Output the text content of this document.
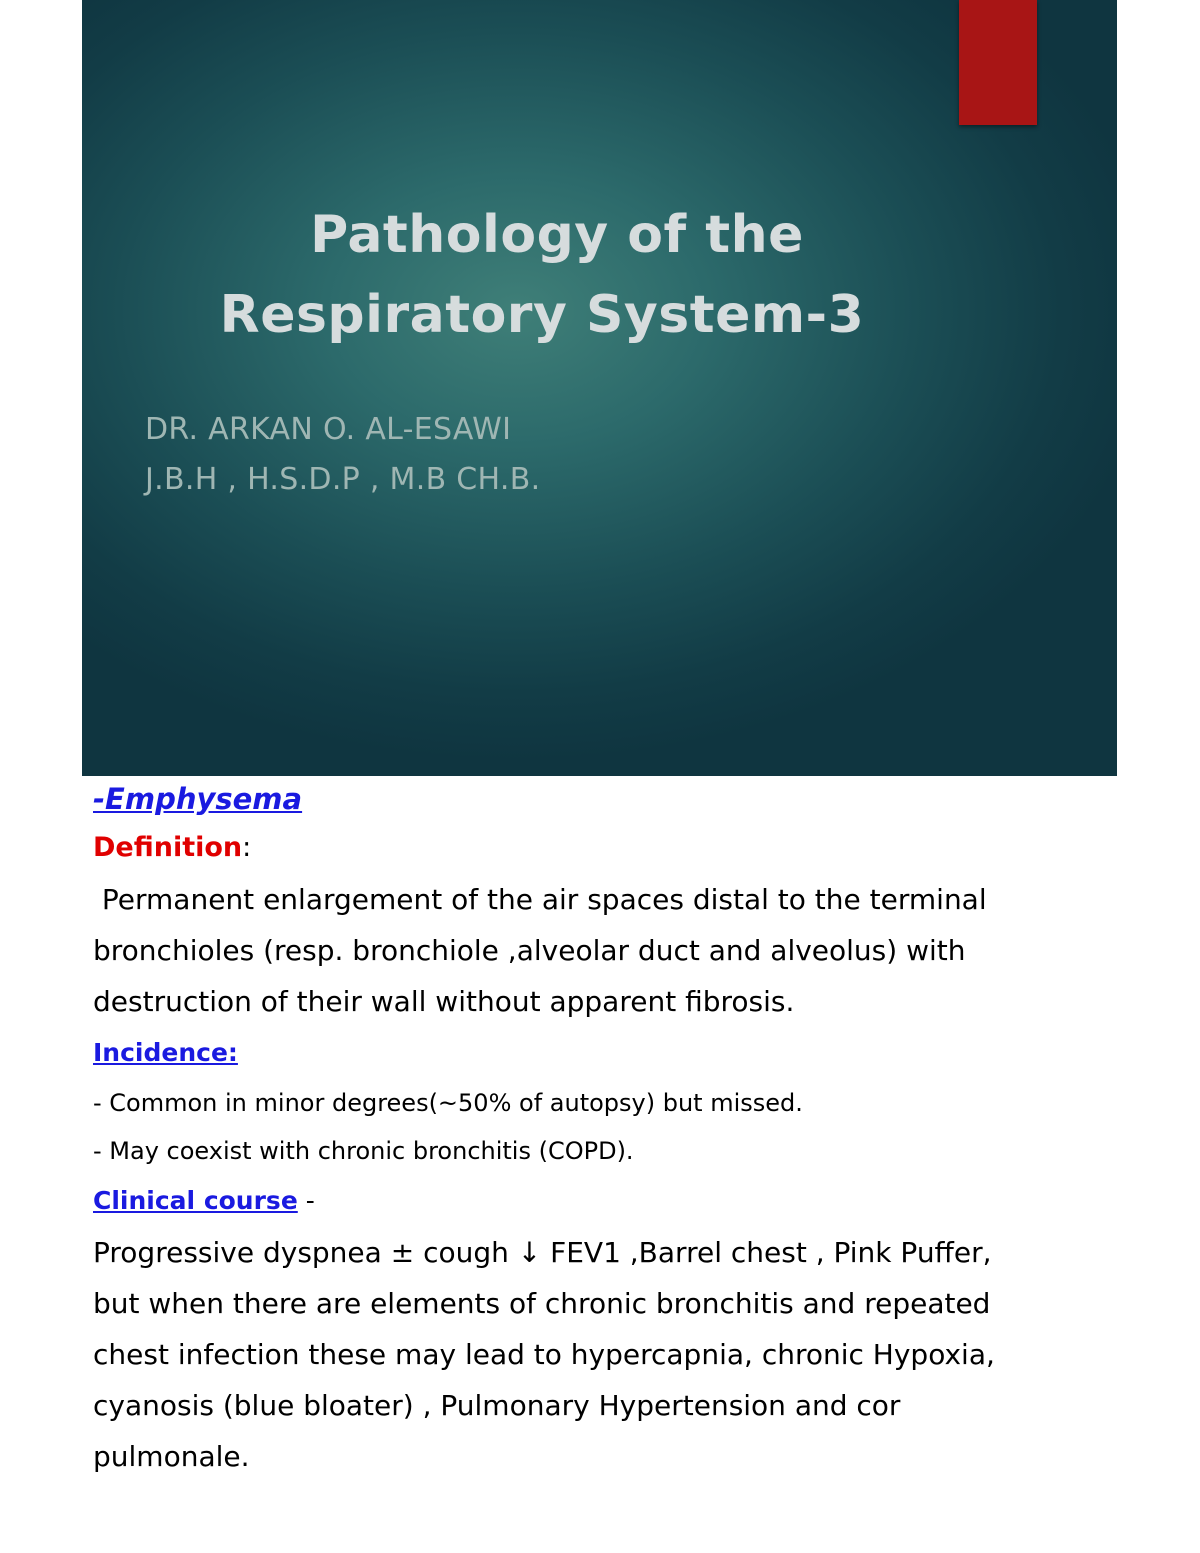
Pathology of the
Respiratory System-3
DR. ARKAN O. AL-ESAWI
J.B.H , H.S.D.P , M.B CH.B.
-Emphysema
Definition:

Permanent enlargement of the air spaces distal to the terminal
bronchioles (resp. bronchiole ,alveolar duct and alveolus) with
destruction of their wall without apparent fibrosis.

Incidence:
- Common in minor degrees(~50% of autopsy) but missed.
- May coexist with chronic bronchitis (COPD).
Clinical course -

Progressive dyspnea ± cough ↓ FEV1 ,Barrel chest , Pink Puffer,
but when there are elements of chronic bronchitis and repeated
chest infection these may lead to hypercapnia, chronic Hypoxia,
cyanosis (blue bloater) , Pulmonary Hypertension and cor
pulmonale.
